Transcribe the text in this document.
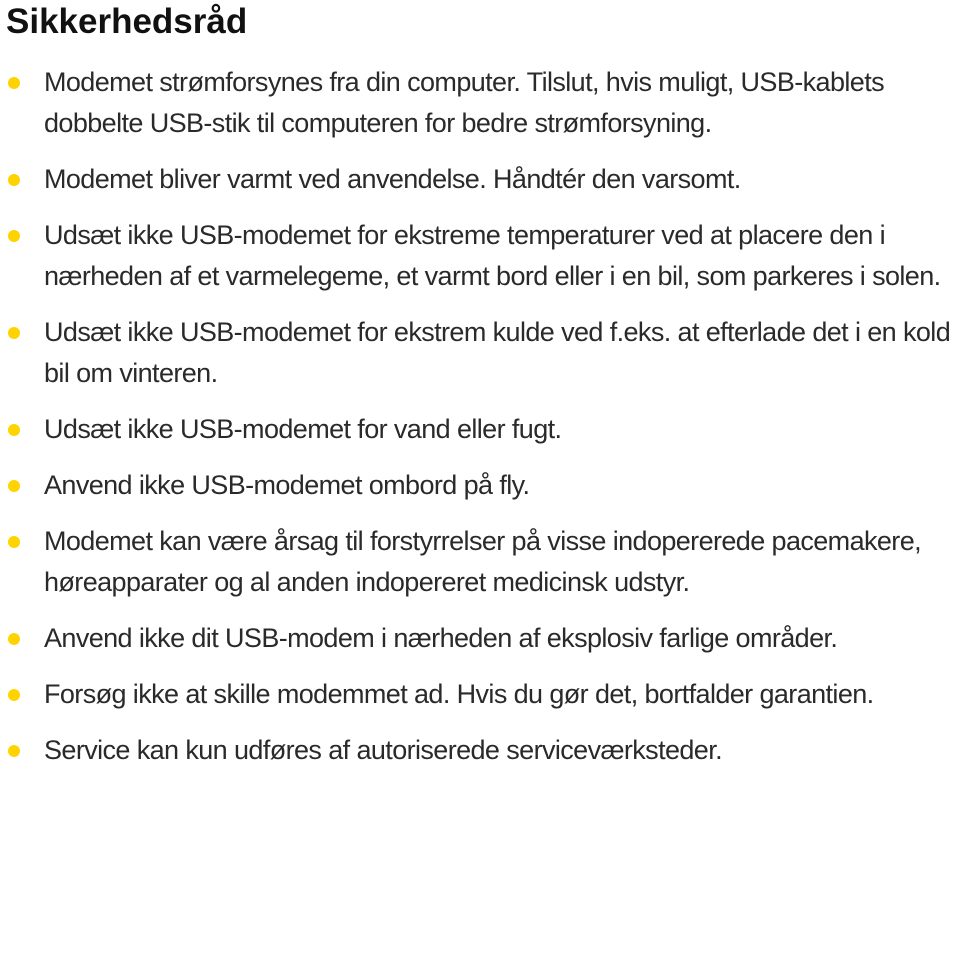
Sikkerhedsråd
Modemet strømforsynes fra din computer. Tilslut, hvis muligt, USB-kablets dobbelte USB-stik til computeren for bedre strømforsyning.
Modemet bliver varmt ved anvendelse. Håndtér den varsomt.
Udsæt ikke USB-modemet for ekstreme temperaturer ved at placere den i nærheden af et varmelegeme, et varmt bord eller i en bil, som parkeres i solen.
Udsæt ikke USB-modemet for ekstrem kulde ved f.eks. at efterlade det i en kold bil om vinteren.
Udsæt ikke USB-modemet for vand eller fugt.
Anvend ikke USB-modemet ombord på fly.
Modemet kan være årsag til forstyrrelser på visse indopererede pacemakere, høreapparater og al anden indopereret medicinsk udstyr.
Anvend ikke dit USB-modem i nærheden af eksplosiv farlige områder.
Forsøg ikke at skille modemmet ad. Hvis du gør det, bortfalder garantien.
Service kan kun udføres af autoriserede serviceværksteder.
